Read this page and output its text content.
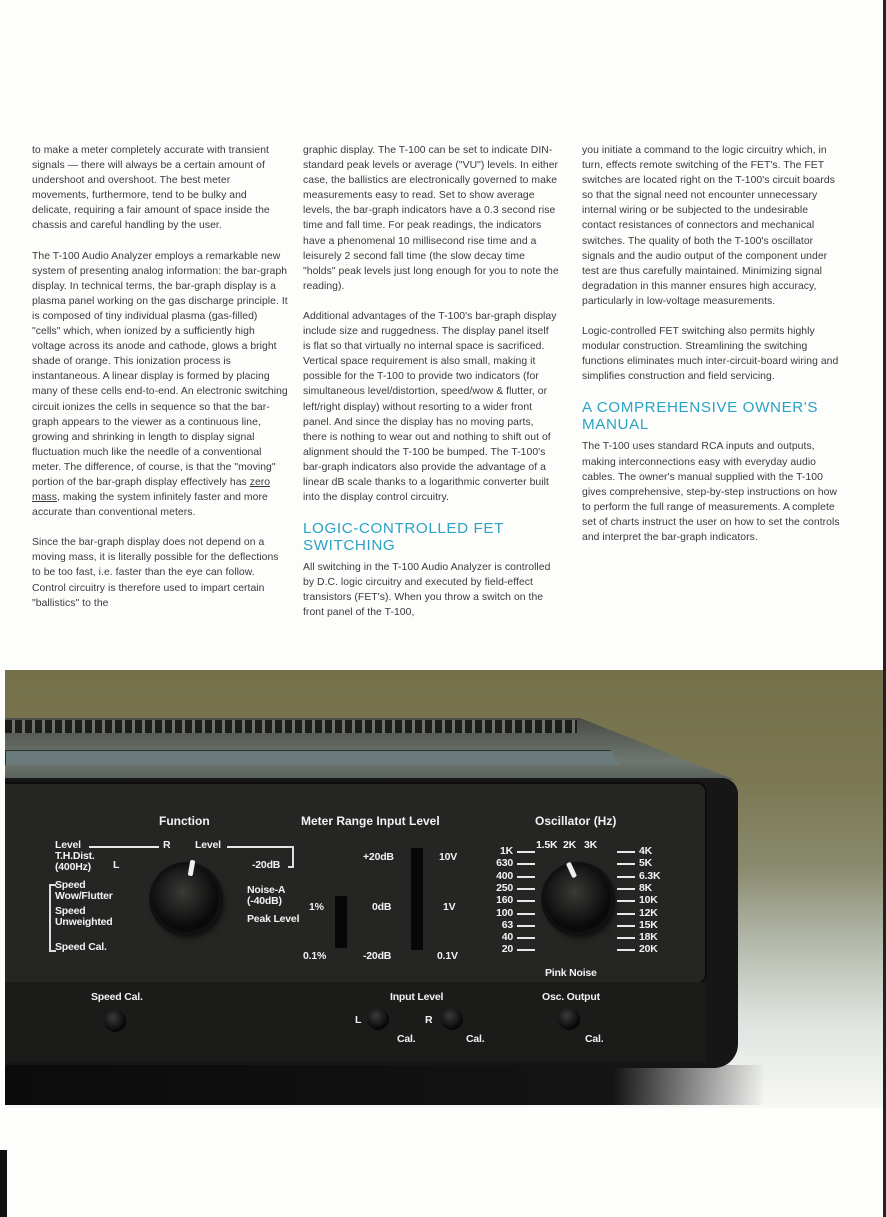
to make a meter completely accurate with transient signals — there will always be a certain amount of undershoot and overshoot. The best meter movements, furthermore, tend to be bulky and delicate, requiring a fair amount of space inside the chassis and careful handling by the user.

The T-100 Audio Analyzer employs a remarkable new system of presenting analog information: the bar-graph display. In technical terms, the bar-graph display is a plasma panel working on the gas discharge principle. It is composed of tiny individual plasma (gas-filled) "cells" which, when ionized by a sufficiently high voltage across its anode and cathode, glows a bright shade of orange. This ionization process is instantaneous. A linear display is formed by placing many of these cells end-to-end. An electronic switching circuit ionizes the cells in sequence so that the bar-graph appears to the viewer as a continuous line, growing and shrinking in length to display signal fluctuation much like the needle of a conventional meter. The difference, of course, is that the "moving" portion of the bar-graph display effectively has zero mass, making the system infinitely faster and more accurate than conventional meters.

Since the bar-graph display does not depend on a moving mass, it is literally possible for the deflections to be too fast, i.e. faster than the eye can follow. Control circuitry is therefore used to impart certain "ballistics" to the

graphic display. The T-100 can be set to indicate DIN-standard peak levels or average ("VU") levels. In either case, the ballistics are electronically governed to make measurements easy to read. Set to show average levels, the bar-graph indicators have a 0.3 second rise time and fall time. For peak readings, the indicators have a phenomenal 10 millisecond rise time and a leisurely 2 second fall time (the slow decay time "holds" peak levels just long enough for you to note the reading).

Additional advantages of the T-100's bar-graph display include size and ruggedness. The display panel itself is flat so that virtually no internal space is sacrificed. Vertical space requirement is also small, making it possible for the T-100 to provide two indicators (for simultaneous level/distortion, speed/wow & flutter, or left/right display) without resorting to a wider front panel. And since the display has no moving parts, there is nothing to wear out and nothing to shift out of alignment should the T-100 be bumped. The T-100's bar-graph indicators also provide the advantage of a linear dB scale thanks to a logarithmic converter built into the display control circuitry.

LOGIC-CONTROLLED FET SWITCHING

All switching in the T-100 Audio Analyzer is controlled by D.C. logic circuitry and executed by field-effect transistors (FET's). When you throw a switch on the front panel of the T-100,

you initiate a command to the logic circuitry which, in turn, effects remote switching of the FET's. The FET switches are located right on the T-100's circuit boards so that the signal need not encounter unnecessary internal wiring or be subjected to the undesirable contact resistances of connectors and mechanical switches. The quality of both the T-100's oscillator signals and the audio output of the component under test are thus carefully maintained. Minimizing signal degradation in this manner ensures high accuracy, particularly in low-voltage measurements.

Logic-controlled FET switching also permits highly modular construction. Streamlining the switching functions eliminates much inter-circuit-board wiring and simplifies construction and field servicing.

A COMPREHENSIVE OWNER'S MANUAL

The T-100 uses standard RCA inputs and outputs, making interconnections easy with everyday audio cables. The owner's manual supplied with the T-100 gives comprehensive, step-by-step instructions on how to perform the full range of measurements. A complete set of charts instruct the user on how to set the controls and interpret the bar-graph indicators.

Function
Level
T.H.Dist.
(400Hz) L
R
Speed
Wow/Flutter
Speed
Unweighted
Speed Cal.
Level
-20dB
Noise-A
(-40dB)
Peak Level
Meter Range Input Level
1%
0.1%
+20dB
0dB
-20dB
10V
1V
0.1V
Oscillator (Hz)
1.5K 2K 3K
Pink Noise
1K
630
400
250
160
100
63
40
20
4K
5K
6.3K
8K
10K
12K
15K
18K
20K
Speed Cal.	Input Level
L
Cal.
R
Cal.
Osc. Output
Cal.
